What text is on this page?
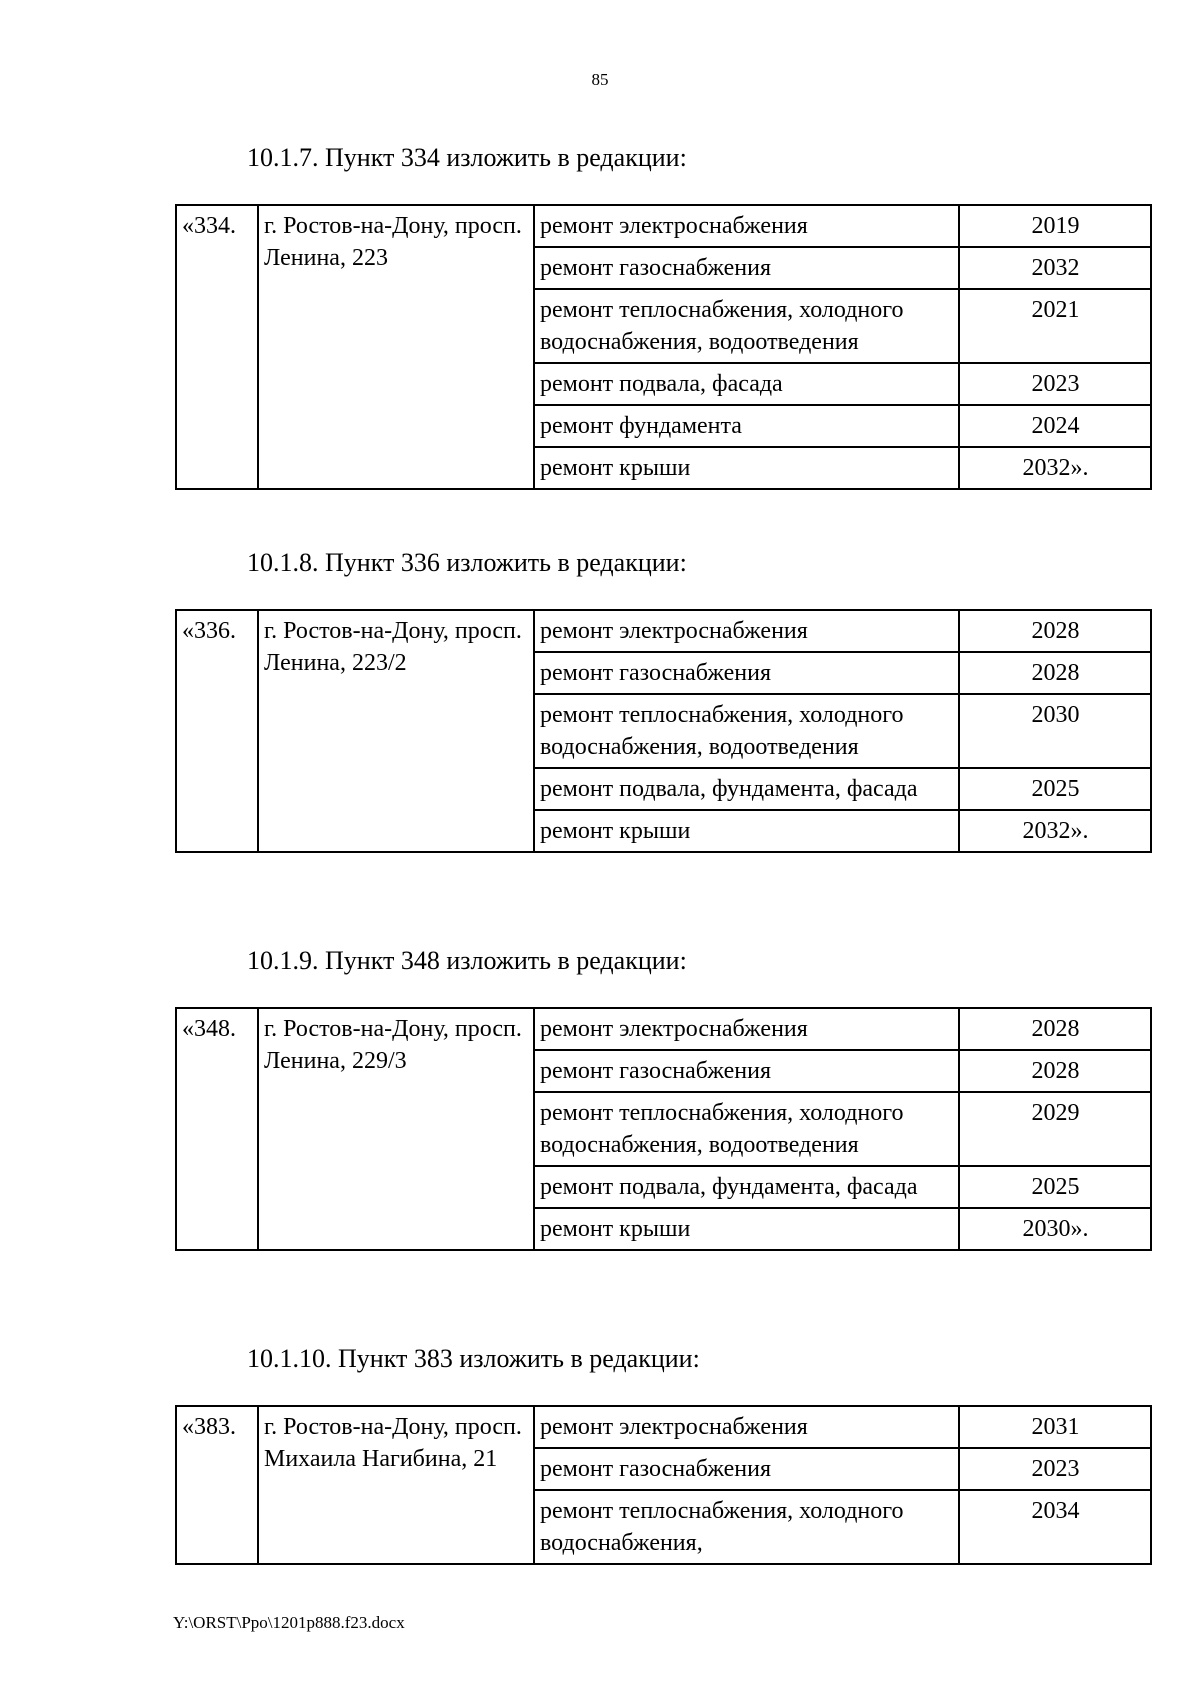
85

10.1.7. Пункт 334 изложить в редакции:

«334.	г. Ростов-на-Дону, просп. Ленина, 223	ремонт электроснабжения	2019
		ремонт газоснабжения	2032
		ремонт теплоснабжения, холодного водоснабжения, водоотведения	2021
		ремонт подвала, фасада	2023
		ремонт фундамента	2024
		ремонт крыши	2032».

10.1.8. Пункт 336 изложить в редакции:

«336.	г. Ростов-на-Дону, просп. Ленина, 223/2	ремонт электроснабжения	2028
		ремонт газоснабжения	2028
		ремонт теплоснабжения, холодного водоснабжения, водоотведения	2030
		ремонт подвала, фундамента, фасада	2025
		ремонт крыши	2032».

10.1.9. Пункт 348 изложить в редакции:

«348.	г. Ростов-на-Дону, просп. Ленина, 229/3	ремонт электроснабжения	2028
		ремонт газоснабжения	2028
		ремонт теплоснабжения, холодного водоснабжения, водоотведения	2029
		ремонт подвала, фундамента, фасада	2025
		ремонт крыши	2030».

10.1.10. Пункт 383 изложить в редакции:

«383.	г. Ростов-на-Дону, просп. Михаила Нагибина, 21	ремонт электроснабжения	2031
		ремонт газоснабжения	2023
		ремонт теплоснабжения, холодного водоснабжения,	2034
Y:\ORST\Ppo\1201p888.f23.docx
